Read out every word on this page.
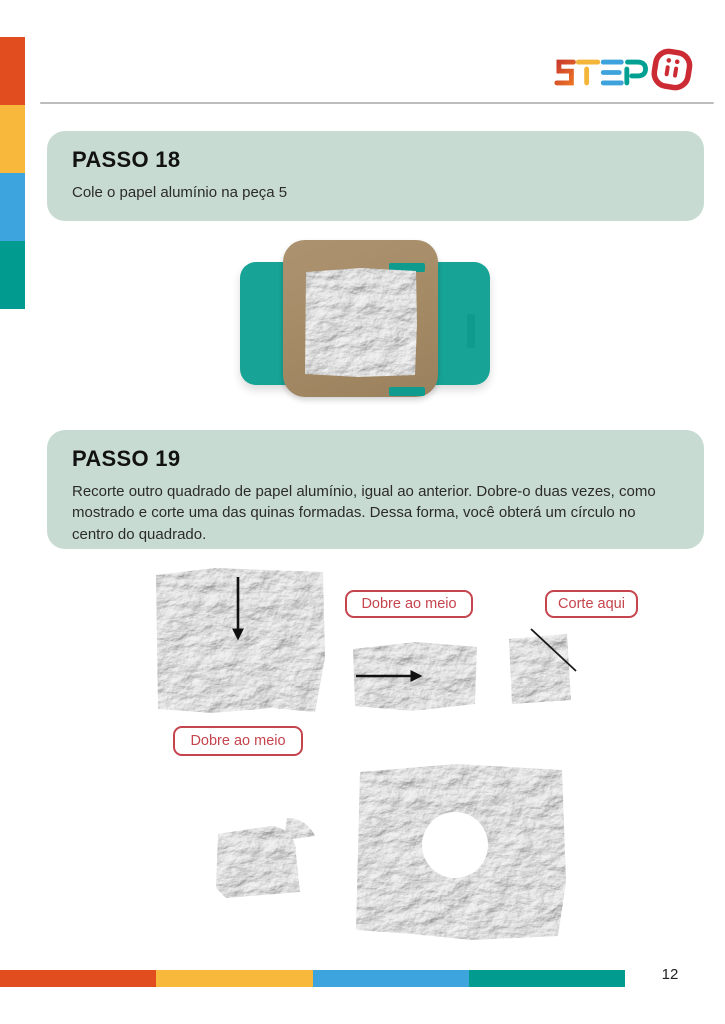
PASSO 18

Cole o papel alumínio na peça 5

PASSO 19

Recorte outro quadrado de papel alumínio, igual ao anterior. Dobre-o duas vezes, como mostrado e corte uma das quinas formadas. Dessa forma, você obterá um círculo no centro do quadrado.

Dobre ao meio	Corte aqui
Dobre ao meio
12
